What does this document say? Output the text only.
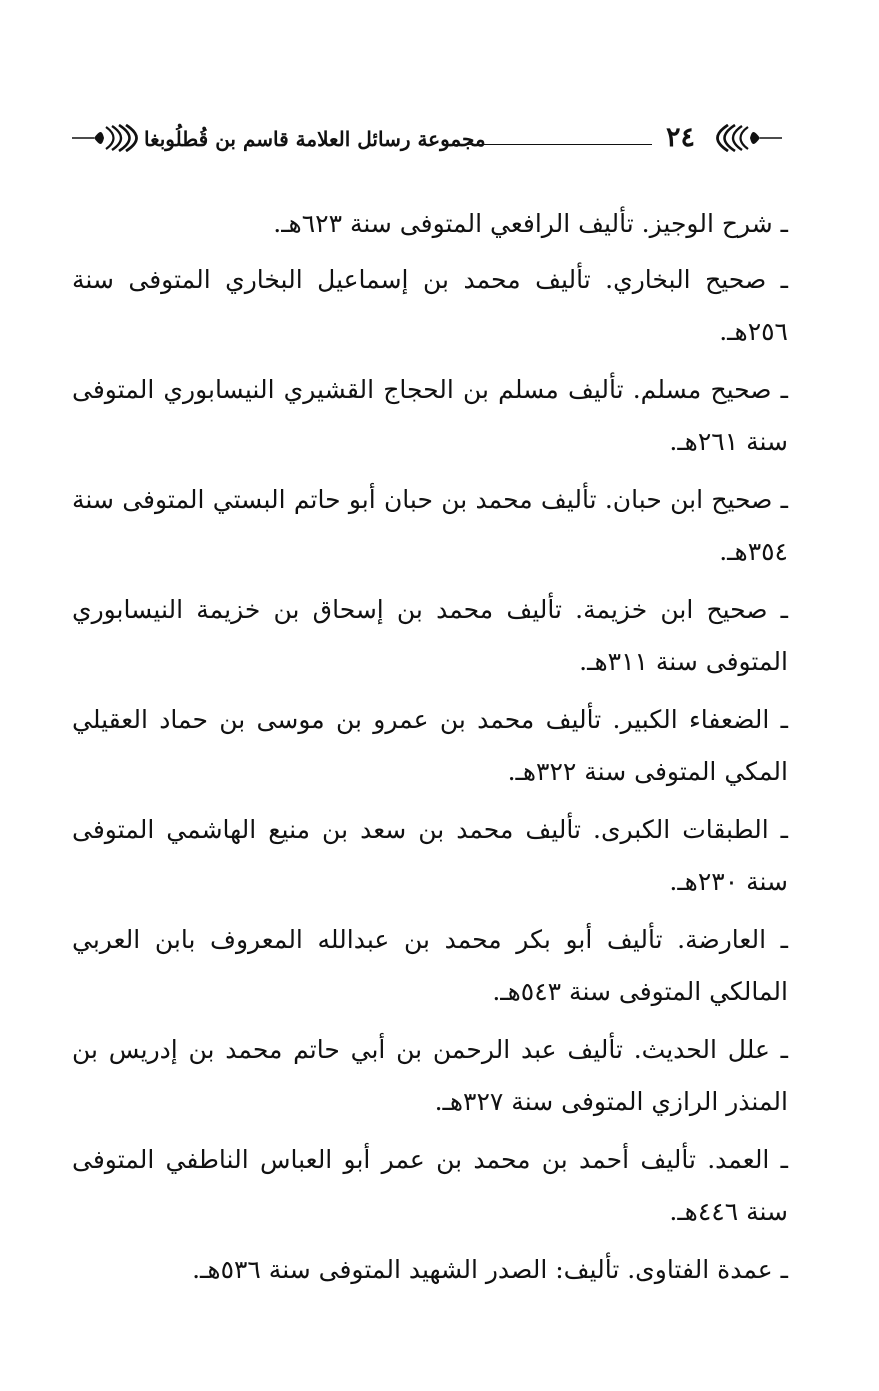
مجموعة رسائل العلامة قاسم بن قُطلُوبغا	٢٤

ـ شرح الوجيز. تأليف الرافعي المتوفى سنة ٦٢٣هـ.

ـ صحيح البخاري. تأليف محمد بن إسماعيل البخاري المتوفى سنة ٢٥٦هـ.

ـ صحيح مسلم. تأليف مسلم بن الحجاج القشيري النيسابوري المتوفى سنة ٢٦١هـ.

ـ صحيح ابن حبان. تأليف محمد بن حبان أبو حاتم البستي المتوفى سنة ٣٥٤هـ.

ـ صحيح ابن خزيمة. تأليف محمد بن إسحاق بن خزيمة النيسابوري المتوفى سنة ٣١١هـ.

ـ الضعفاء الكبير. تأليف محمد بن عمرو بن موسى بن حماد العقيلي المكي المتوفى سنة ٣٢٢هـ.

ـ الطبقات الكبرى. تأليف محمد بن سعد بن منيع الهاشمي المتوفى سنة ٢٣٠هـ.

ـ العارضة. تأليف أبو بكر محمد بن عبدالله المعروف بابن العربي المالكي المتوفى سنة ٥٤٣هـ.

ـ علل الحديث. تأليف عبد الرحمن بن أبي حاتم محمد بن إدريس بن المنذر الرازي المتوفى سنة ٣٢٧هـ.

ـ العمد. تأليف أحمد بن محمد بن عمر أبو العباس الناطفي المتوفى سنة ٤٤٦هـ.

ـ عمدة الفتاوى. تأليف: الصدر الشهيد المتوفى سنة ٥٣٦هـ.
